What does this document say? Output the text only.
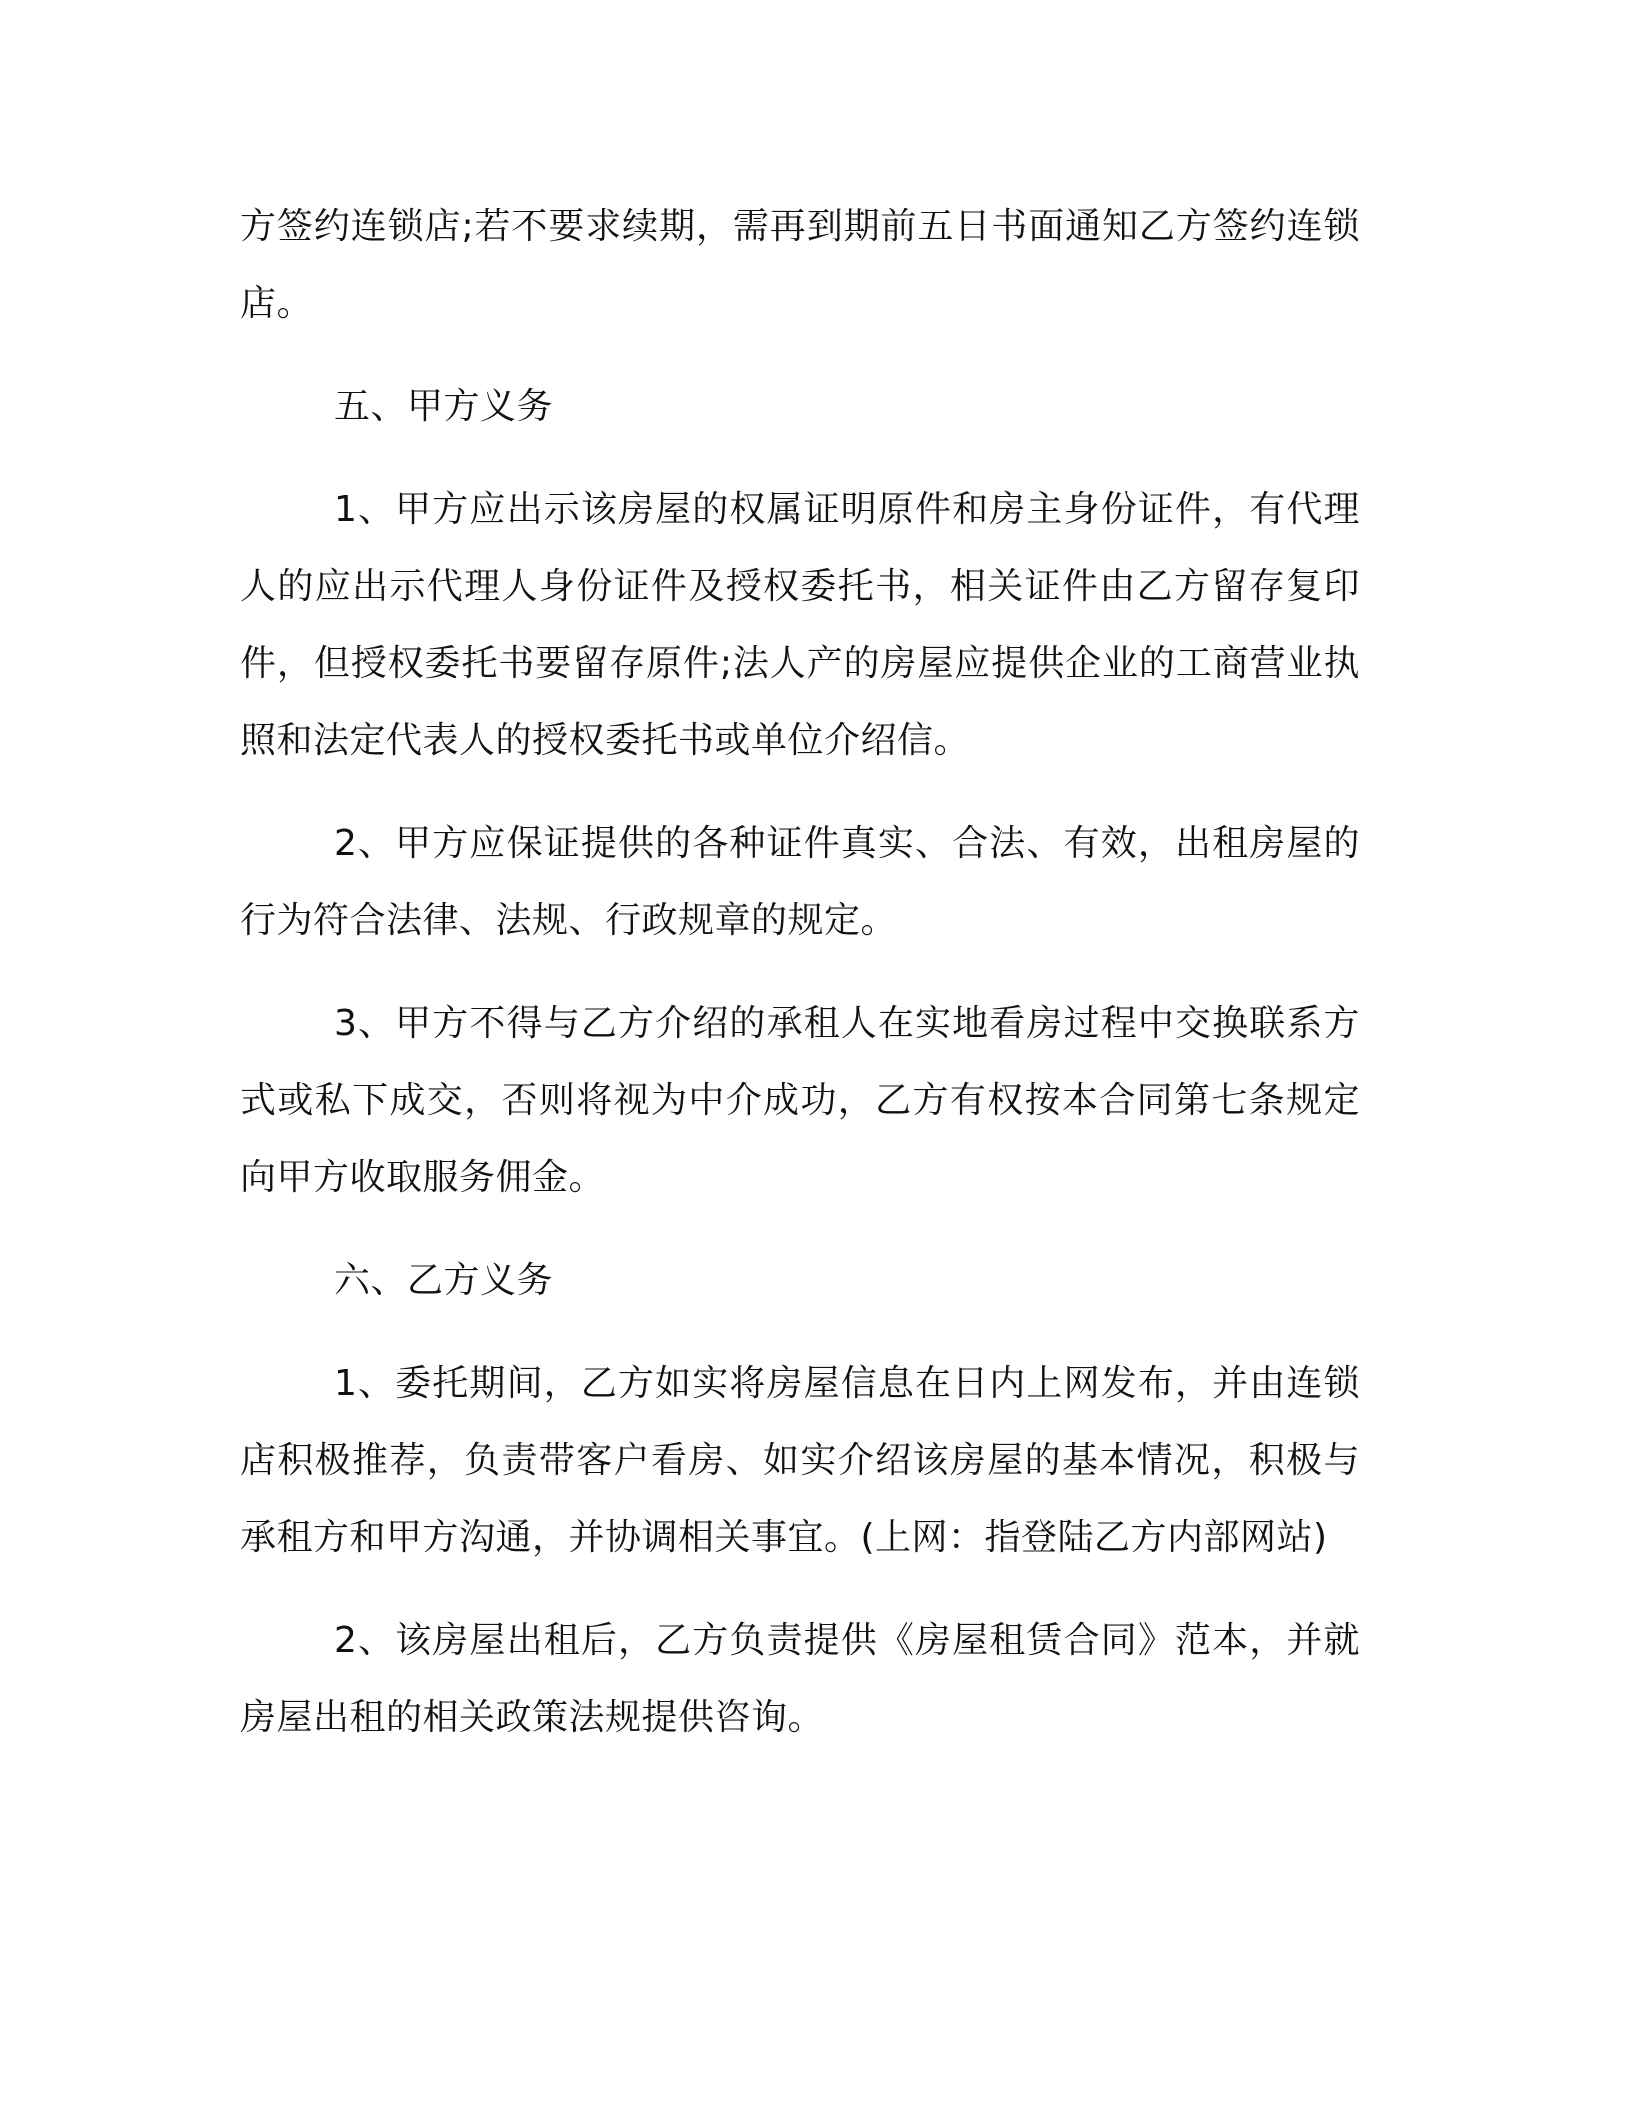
方签约连锁店;若不要求续期，需再到期前五日书面通知乙方签约连锁店。

五、甲方义务

1、甲方应出示该房屋的权属证明原件和房主身份证件，有代理人的应出示代理人身份证件及授权委托书，相关证件由乙方留存复印件，但授权委托书要留存原件;法人产的房屋应提供企业的工商营业执照和法定代表人的授权委托书或单位介绍信。

2、甲方应保证提供的各种证件真实、合法、有效，出租房屋的行为符合法律、法规、行政规章的规定。

3、甲方不得与乙方介绍的承租人在实地看房过程中交换联系方式或私下成交，否则将视为中介成功，乙方有权按本合同第七条规定向甲方收取服务佣金。

六、乙方义务

1、委托期间，乙方如实将房屋信息在日内上网发布，并由连锁店积极推荐，负责带客户看房、如实介绍该房屋的基本情况，积极与承租方和甲方沟通，并协调相关事宜。(上网：指登陆乙方内部网站)

2、该房屋出租后，乙方负责提供《房屋租赁合同》范本，并就房屋出租的相关政策法规提供咨询。
